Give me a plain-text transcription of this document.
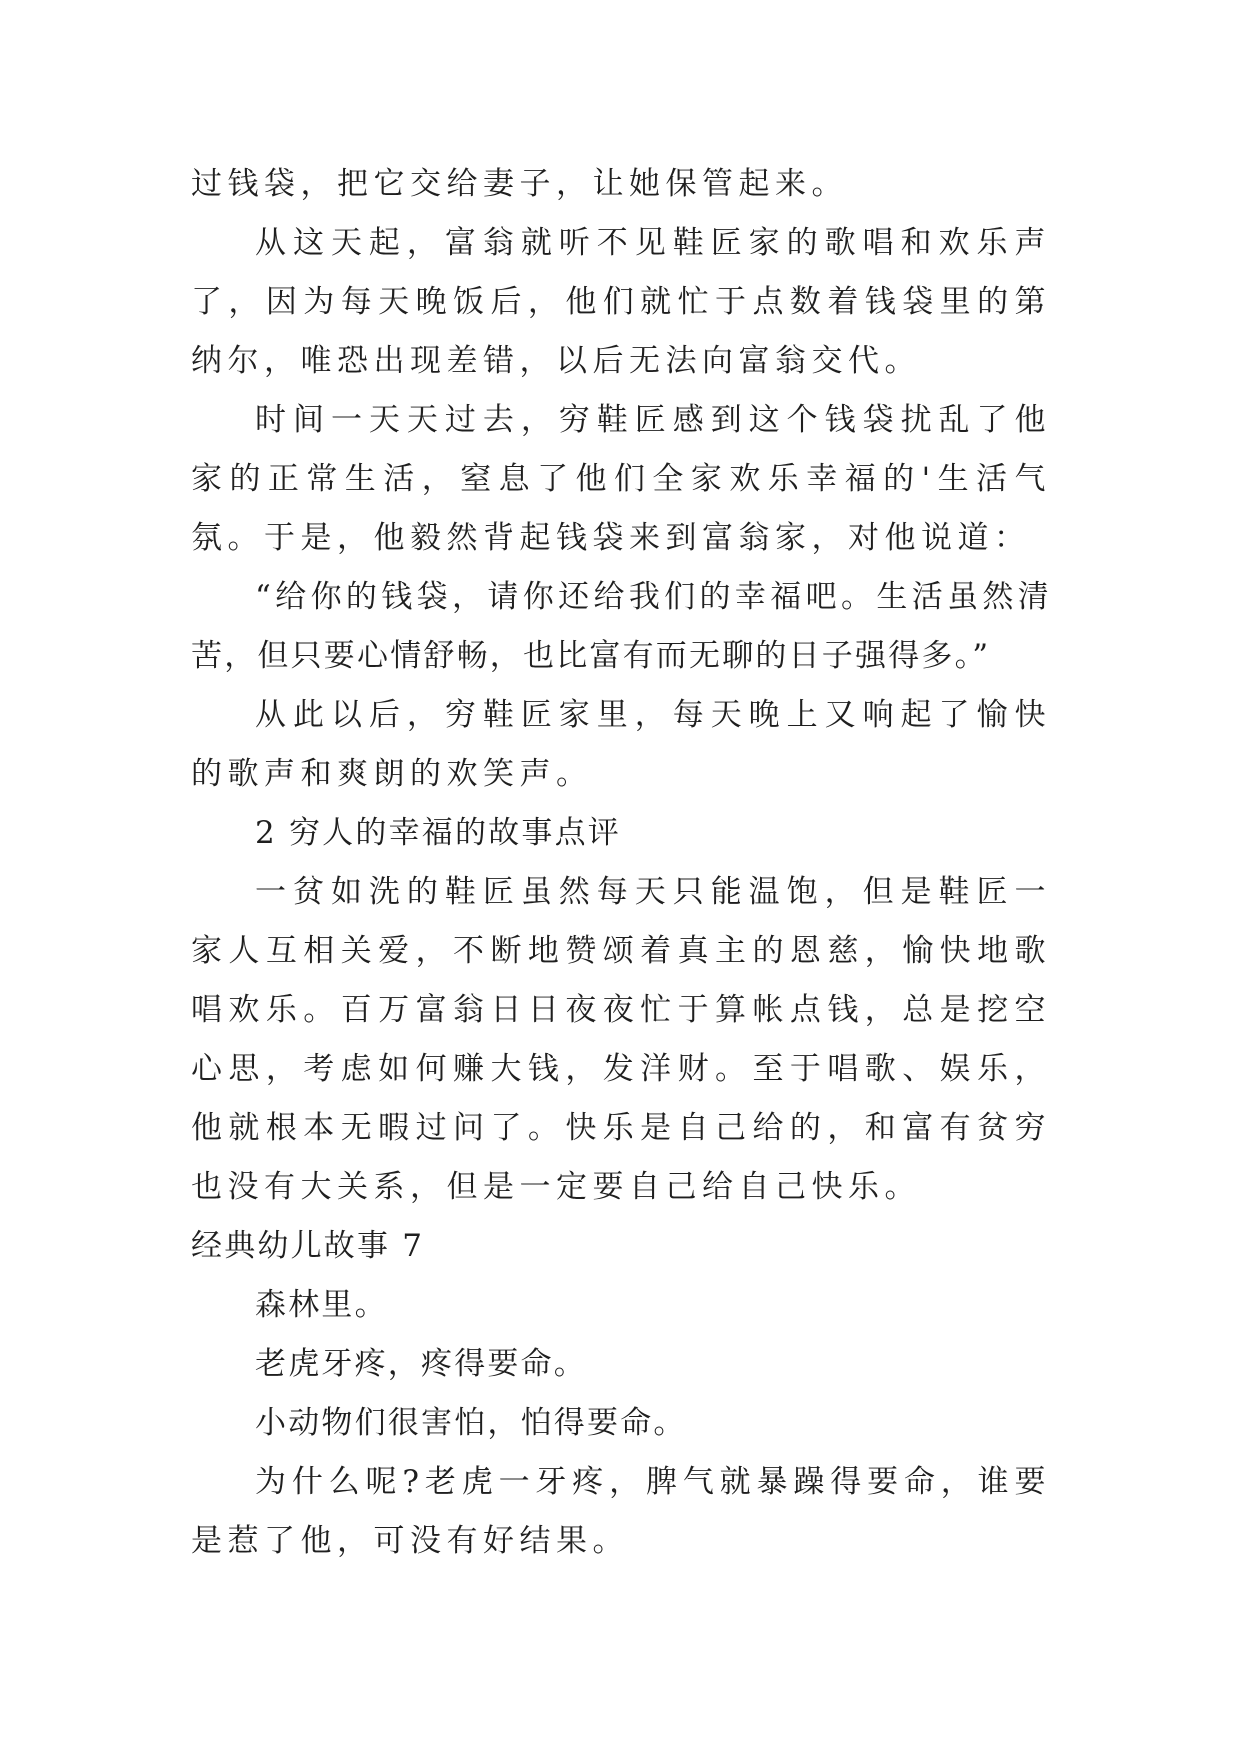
过钱袋，把它交给妻子，让她保管起来。

从这天起，富翁就听不见鞋匠家的歌唱和欢乐声了，因为每天晚饭后，他们就忙于点数着钱袋里的第纳尔，唯恐出现差错，以后无法向富翁交代。

时间一天天过去，穷鞋匠感到这个钱袋扰乱了他家的正常生活，窒息了他们全家欢乐幸福的'生活气氛。于是，他毅然背起钱袋来到富翁家，对他说道：

“给你的钱袋，请你还给我们的幸福吧。生活虽然清苦，但只要心情舒畅，也比富有而无聊的日子强得多。”

从此以后，穷鞋匠家里，每天晚上又响起了愉快的歌声和爽朗的欢笑声。

2 穷人的幸福的故事点评

一贫如洗的鞋匠虽然每天只能温饱，但是鞋匠一家人互相关爱，不断地赞颂着真主的恩慈，愉快地歌唱欢乐。百万富翁日日夜夜忙于算帐点钱，总是挖空心思，考虑如何赚大钱，发洋财。至于唱歌、娱乐，他就根本无暇过问了。快乐是自己给的，和富有贫穷也没有大关系，但是一定要自己给自己快乐。

经典幼儿故事 7

森林里。

老虎牙疼，疼得要命。

小动物们很害怕，怕得要命。

为什么呢?老虎一牙疼，脾气就暴躁得要命，谁要是惹了他，可没有好结果。
